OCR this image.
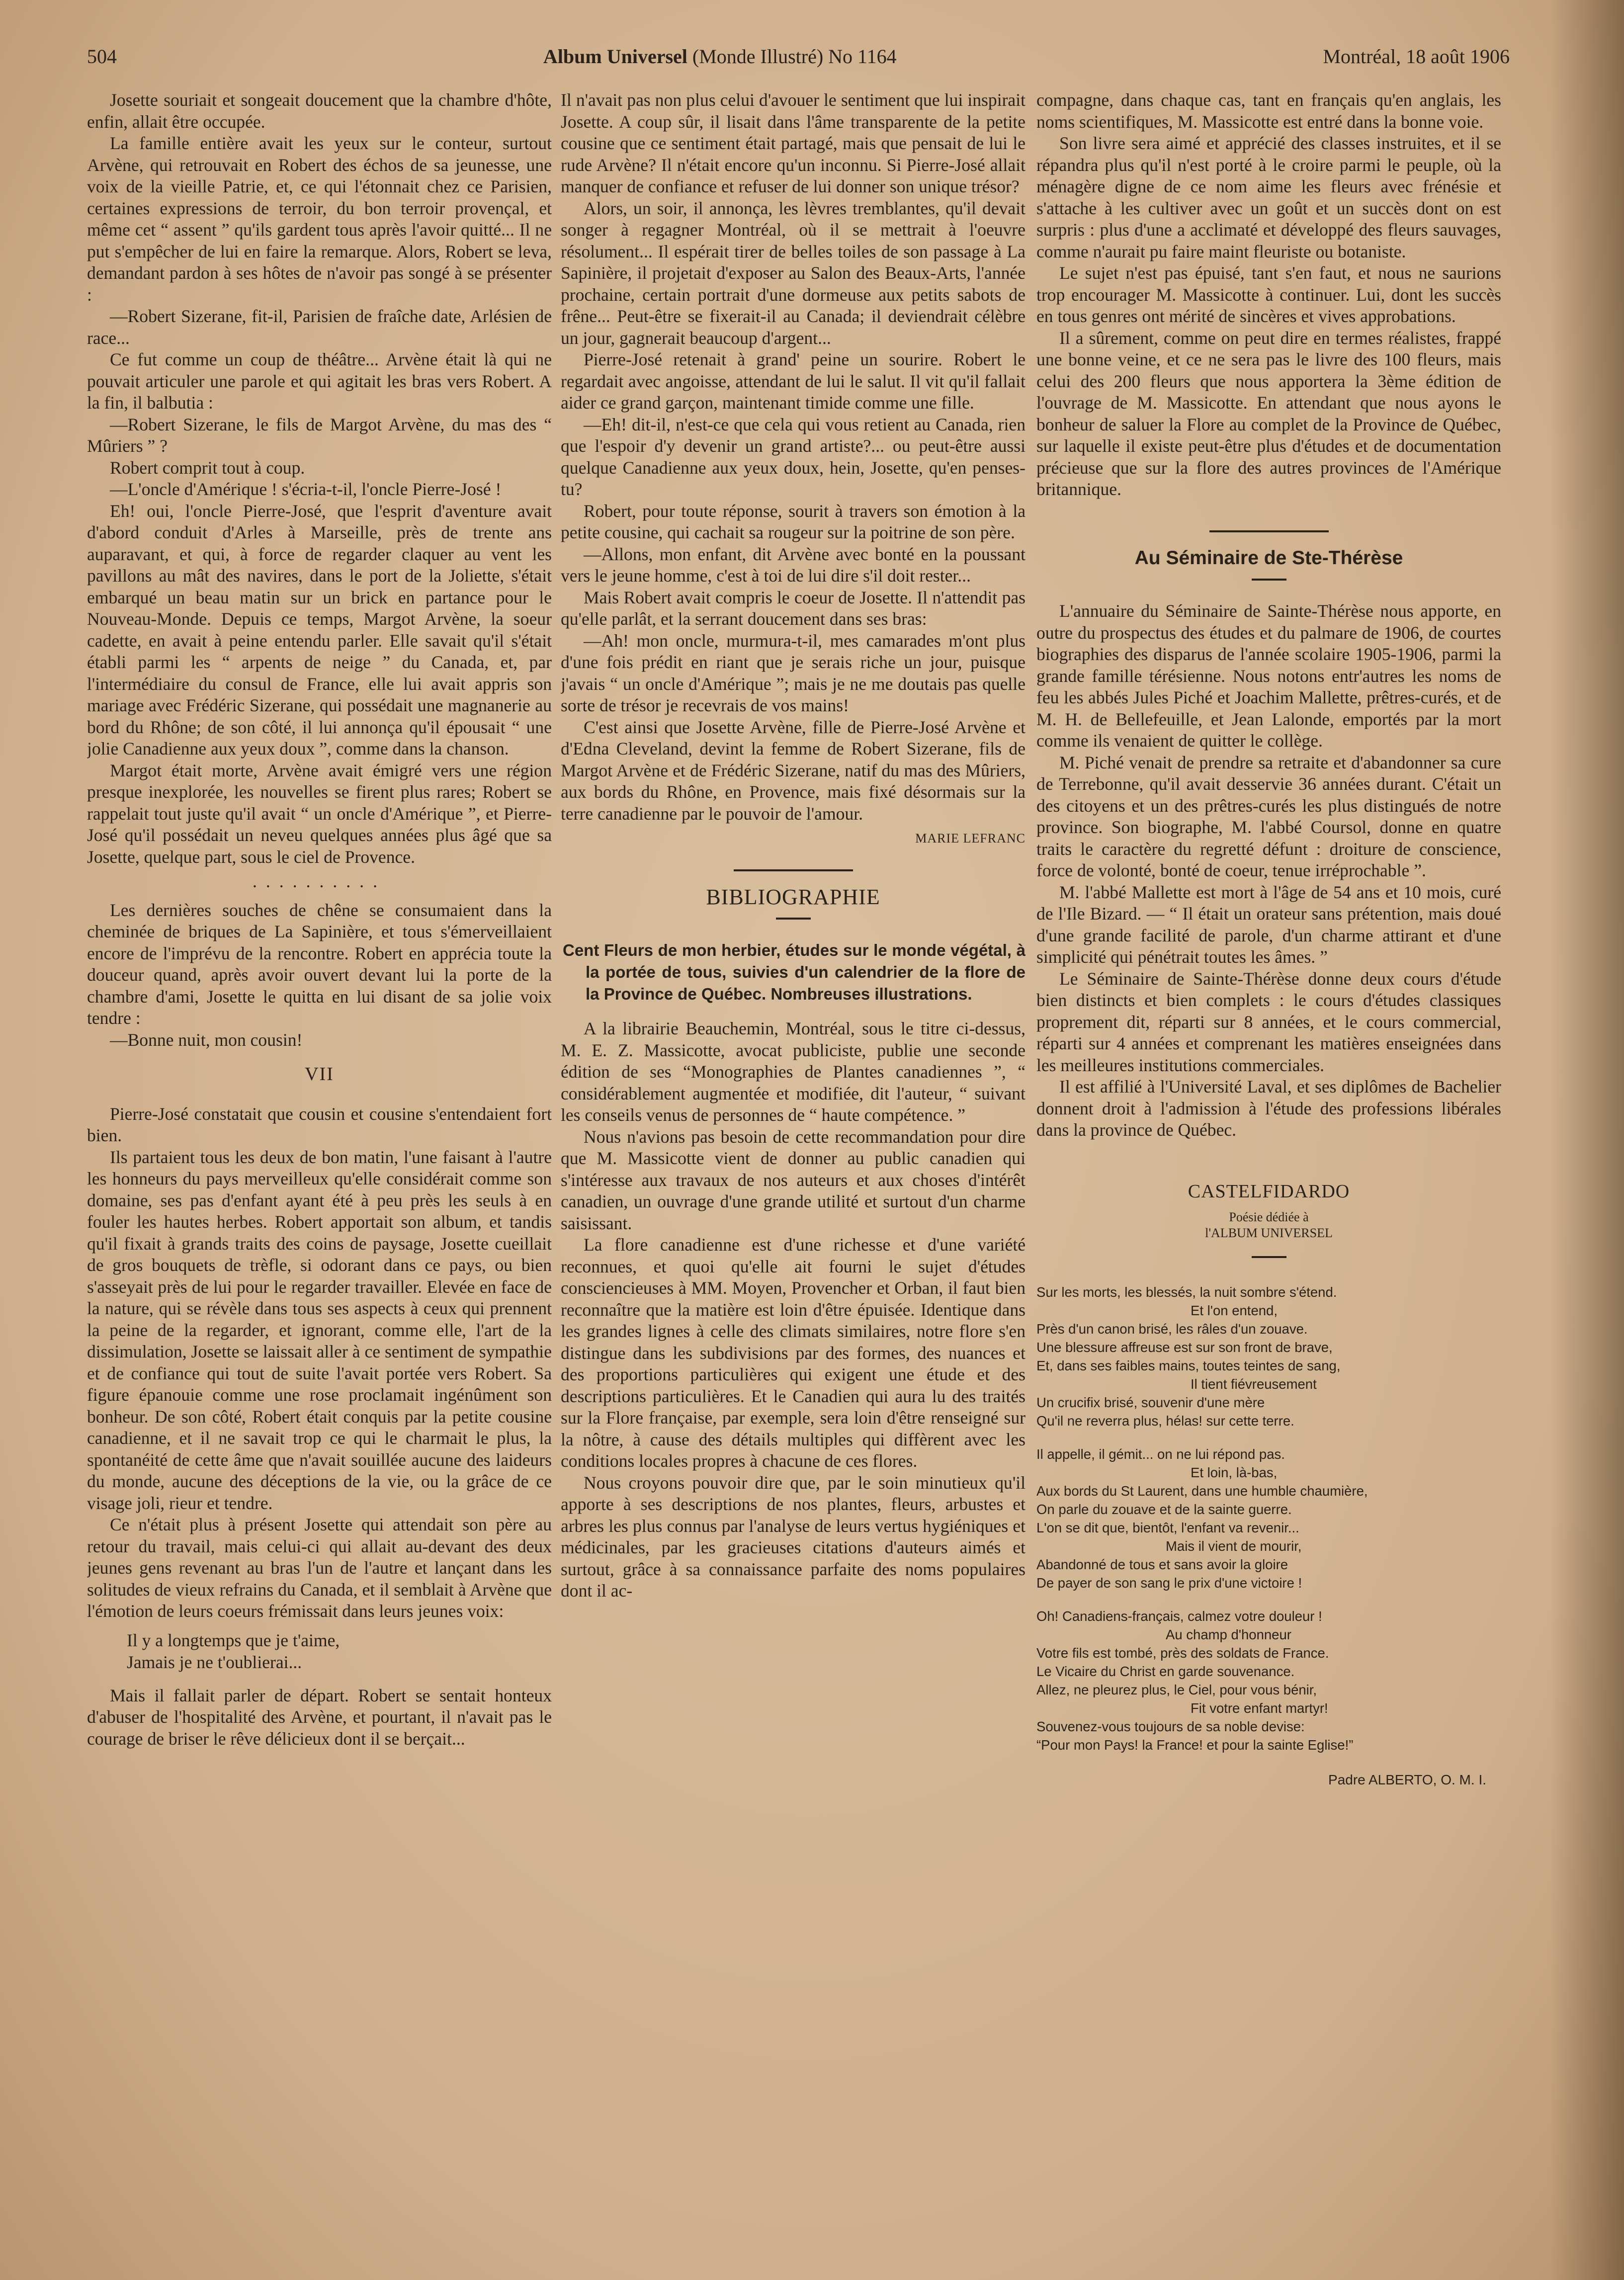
504	Album Universel (Monde Illustré) No 1164	Montréal, 18 août 1906

Josette souriait et songeait doucement que la chambre d'hôte, enfin, allait être occupée.

La famille entière avait les yeux sur le conteur, surtout Arvène, qui retrouvait en Robert des échos de sa jeunesse, une voix de la vieille Patrie, et, ce qui l'étonnait chez ce Parisien, certaines expressions de terroir, du bon terroir provençal, et même cet “ assent ” qu'ils gardent tous après l'avoir quitté... Il ne put s'empêcher de lui en faire la remarque. Alors, Robert se leva, demandant pardon à ses hôtes de n'avoir pas songé à se présenter :

—Robert Sizerane, fit-il, Parisien de fraîche date, Arlésien de race...

Ce fut comme un coup de théâtre... Arvène était là qui ne pouvait articuler une parole et qui agitait les bras vers Robert. A la fin, il balbutia :

—Robert Sizerane, le fils de Margot Arvène, du mas des “ Mûriers ” ?

Robert comprit tout à coup.

—L'oncle d'Amérique ! s'écria-t-il, l'oncle Pierre-José !

Eh! oui, l'oncle Pierre-José, que l'esprit d'aventure avait d'abord conduit d'Arles à Marseille, près de trente ans auparavant, et qui, à force de regarder claquer au vent les pavillons au mât des navires, dans le port de la Joliette, s'était embarqué un beau matin sur un brick en partance pour le Nouveau-Monde. Depuis ce temps, Margot Arvène, la soeur cadette, en avait à peine entendu parler. Elle savait qu'il s'était établi parmi les “ arpents de neige ” du Canada, et, par l'intermédiaire du consul de France, elle lui avait appris son mariage avec Frédéric Sizerane, qui possédait une magnanerie au bord du Rhône; de son côté, il lui annonça qu'il épousait “ une jolie Canadienne aux yeux doux ”, comme dans la chanson.

Margot était morte, Arvène avait émigré vers une région presque inexplorée, les nouvelles se firent plus rares; Robert se rappelait tout juste qu'il avait “ un oncle d'Amérique ”, et Pierre-José qu'il possédait un neveu quelques années plus âgé que sa Josette, quelque part, sous le ciel de Provence.

..........

Les dernières souches de chêne se consumaient dans la cheminée de briques de La Sapinière, et tous s'émerveillaient encore de l'imprévu de la rencontre. Robert en apprécia toute la douceur quand, après avoir ouvert devant lui la porte de la chambre d'ami, Josette le quitta en lui disant de sa jolie voix tendre :

—Bonne nuit, mon cousin!

VII

Pierre-José constatait que cousin et cousine s'entendaient fort bien.

Ils partaient tous les deux de bon matin, l'une faisant à l'autre les honneurs du pays merveilleux qu'elle considérait comme son domaine, ses pas d'enfant ayant été à peu près les seuls à en fouler les hautes herbes. Robert apportait son album, et tandis qu'il fixait à grands traits des coins de paysage, Josette cueillait de gros bouquets de trèfle, si odorant dans ce pays, ou bien s'asseyait près de lui pour le regarder travailler. Elevée en face de la nature, qui se révèle dans tous ses aspects à ceux qui prennent la peine de la regarder, et ignorant, comme elle, l'art de la dissimulation, Josette se laissait aller à ce sentiment de sympathie et de confiance qui tout de suite l'avait portée vers Robert. Sa figure épanouie comme une rose proclamait ingénûment son bonheur. De son côté, Robert était conquis par la petite cousine canadienne, et il ne savait trop ce qui le charmait le plus, la spontanéité de cette âme que n'avait souillée aucune des laideurs du monde, aucune des déceptions de la vie, ou la grâce de ce visage joli, rieur et tendre.

Ce n'était plus à présent Josette qui attendait son père au retour du travail, mais celui-ci qui allait au-devant des deux jeunes gens revenant au bras l'un de l'autre et lançant dans les solitudes de vieux refrains du Canada, et il semblait à Arvène que l'émotion de leurs coeurs frémissait dans leurs jeunes voix:

Il y a longtemps que je t'aime,
Jamais je ne t'oublierai...

Mais il fallait parler de départ. Robert se sentait honteux d'abuser de l'hospitalité des Arvène, et pourtant, il n'avait pas le courage de briser le rêve délicieux dont il se berçait...

Il n'avait pas non plus celui d'avouer le sentiment que lui inspirait Josette. A coup sûr, il lisait dans l'âme transparente de la petite cousine que ce sentiment était partagé, mais que pensait de lui le rude Arvène? Il n'était encore qu'un inconnu. Si Pierre-José allait manquer de confiance et refuser de lui donner son unique trésor?

Alors, un soir, il annonça, les lèvres tremblantes, qu'il devait songer à regagner Montréal, où il se mettrait à l'oeuvre résolument... Il espérait tirer de belles toiles de son passage à La Sapinière, il projetait d'exposer au Salon des Beaux-Arts, l'année prochaine, certain portrait d'une dormeuse aux petits sabots de frêne... Peut-être se fixerait-il au Canada; il deviendrait célèbre un jour, gagnerait beaucoup d'argent...

Pierre-José retenait à grand' peine un sourire. Robert le regardait avec angoisse, attendant de lui le salut. Il vit qu'il fallait aider ce grand garçon, maintenant timide comme une fille.

—Eh! dit-il, n'est-ce que cela qui vous retient au Canada, rien que l'espoir d'y devenir un grand artiste?... ou peut-être aussi quelque Canadienne aux yeux doux, hein, Josette, qu'en penses-tu?

Robert, pour toute réponse, sourit à travers son émotion à la petite cousine, qui cachait sa rougeur sur la poitrine de son père.

—Allons, mon enfant, dit Arvène avec bonté en la poussant vers le jeune homme, c'est à toi de lui dire s'il doit rester...

Mais Robert avait compris le coeur de Josette. Il n'attendit pas qu'elle parlât, et la serrant doucement dans ses bras:

—Ah! mon oncle, murmura-t-il, mes camarades m'ont plus d'une fois prédit en riant que je serais riche un jour, puisque j'avais “ un oncle d'Amérique ”; mais je ne me doutais pas quelle sorte de trésor je recevrais de vos mains!

C'est ainsi que Josette Arvène, fille de Pierre-José Arvène et d'Edna Cleveland, devint la femme de Robert Sizerane, fils de Margot Arvène et de Frédéric Sizerane, natif du mas des Mûriers, aux bords du Rhône, en Provence, mais fixé désormais sur la terre canadienne par le pouvoir de l'amour.

MARIE LEFRANC
BIBLIOGRAPHIE
Cent Fleurs de mon herbier, études sur le monde végétal, à la portée de tous, suivies d'un calendrier de la flore de la Province de Québec. Nombreuses illustrations.

A la librairie Beauchemin, Montréal, sous le titre ci-dessus, M. E. Z. Massicotte, avocat publiciste, publie une seconde édition de ses “Monographies de Plantes canadiennes ”, “ considérablement augmentée et modifiée, dit l'auteur, “ suivant les conseils venus de personnes de “ haute compétence. ”

Nous n'avions pas besoin de cette recommandation pour dire que M. Massicotte vient de donner au public canadien qui s'intéresse aux travaux de nos auteurs et aux choses d'intérêt canadien, un ouvrage d'une grande utilité et surtout d'un charme saisissant.

La flore canadienne est d'une richesse et d'une variété reconnues, et quoi qu'elle ait fourni le sujet d'études consciencieuses à MM. Moyen, Provencher et Orban, il faut bien reconnaître que la matière est loin d'être épuisée. Identique dans les grandes lignes à celle des climats similaires, notre flore s'en distingue dans les subdivisions par des formes, des nuances et des proportions particulières qui exigent une étude et des descriptions particulières. Et le Canadien qui aura lu des traités sur la Flore française, par exemple, sera loin d'être renseigné sur la nôtre, à cause des détails multiples qui diffèrent avec les conditions locales propres à chacune de ces flores.

Nous croyons pouvoir dire que, par le soin minutieux qu'il apporte à ses descriptions de nos plantes, fleurs, arbustes et arbres les plus connus par l'analyse de leurs vertus hygiéniques et médicinales, par les gracieuses citations d'auteurs aimés et surtout, grâce à sa connaissance parfaite des noms populaires dont il ac-

compagne, dans chaque cas, tant en français qu'en anglais, les noms scientifiques, M. Massicotte est entré dans la bonne voie.

Son livre sera aimé et apprécié des classes instruites, et il se répandra plus qu'il n'est porté à le croire parmi le peuple, où la ménagère digne de ce nom aime les fleurs avec frénésie et s'attache à les cultiver avec un goût et un succès dont on est surpris : plus d'une a acclimaté et développé des fleurs sauvages, comme n'aurait pu faire maint fleuriste ou botaniste.

Le sujet n'est pas épuisé, tant s'en faut, et nous ne saurions trop encourager M. Massicotte à continuer. Lui, dont les succès en tous genres ont mérité de sincères et vives approbations.

Il a sûrement, comme on peut dire en termes réalistes, frappé une bonne veine, et ce ne sera pas le livre des 100 fleurs, mais celui des 200 fleurs que nous apportera la 3ème édition de l'ouvrage de M. Massicotte. En attendant que nous ayons le bonheur de saluer la Flore au complet de la Province de Québec, sur laquelle il existe peut-être plus d'études et de documentation précieuse que sur la flore des autres provinces de l'Amérique britannique.

Au Séminaire de Ste-Thérèse

L'annuaire du Séminaire de Sainte-Thérèse nous apporte, en outre du prospectus des études et du palmare de 1906, de courtes biographies des disparus de l'année scolaire 1905-1906, parmi la grande famille térésienne. Nous notons entr'autres les noms de feu les abbés Jules Piché et Joachim Mallette, prêtres-curés, et de M. H. de Bellefeuille, et Jean Lalonde, emportés par la mort comme ils venaient de quitter le collège.

M. Piché venait de prendre sa retraite et d'abandonner sa cure de Terrebonne, qu'il avait desservie 36 années durant. C'était un des citoyens et un des prêtres-curés les plus distingués de notre province. Son biographe, M. l'abbé Coursol, donne en quatre traits le caractère du regretté défunt : droiture de conscience, force de volonté, bonté de coeur, tenue irréprochable ”.

M. l'abbé Mallette est mort à l'âge de 54 ans et 10 mois, curé de l'Ile Bizard. — “ Il était un orateur sans prétention, mais doué d'une grande facilité de parole, d'un charme attirant et d'une simplicité qui pénétrait toutes les âmes. ”

Le Séminaire de Sainte-Thérèse donne deux cours d'étude bien distincts et bien complets : le cours d'études classiques proprement dit, réparti sur 8 années, et le cours commercial, réparti sur 4 années et comprenant les matières enseignées dans les meilleures institutions commerciales.

Il est affilié à l'Université Laval, et ses diplômes de Bachelier donnent droit à l'admission à l'étude des professions libérales dans la province de Québec.

CASTELFIDARDO
Poésie dédiée à
l'ALBUM UNIVERSEL
Sur les morts, les blessés, la nuit sombre s'étend.
Et l'on entend,
Près d'un canon brisé, les râles d'un zouave.
Une blessure affreuse est sur son front de brave,
Et, dans ses faibles mains, toutes teintes de sang,
Il tient fiévreusement
Un crucifix brisé, souvenir d'une mère
Qu'il ne reverra plus, hélas! sur cette terre.
Il appelle, il gémit... on ne lui répond pas.
Et loin, là-bas,
Aux bords du St Laurent, dans une humble chaumière,
On parle du zouave et de la sainte guerre.
L'on se dit que, bientôt, l'enfant va revenir...
Mais il vient de mourir,
Abandonné de tous et sans avoir la gloire
De payer de son sang le prix d'une victoire !
Oh! Canadiens-français, calmez votre douleur !
Au champ d'honneur
Votre fils est tombé, près des soldats de France.
Le Vicaire du Christ en garde souvenance.
Allez, ne pleurez plus, le Ciel, pour vous bénir,
Fit votre enfant martyr!
Souvenez-vous toujours de sa noble devise:
“Pour mon Pays! la France! et pour la sainte Eglise!”
Padre ALBERTO, O. M. I.
